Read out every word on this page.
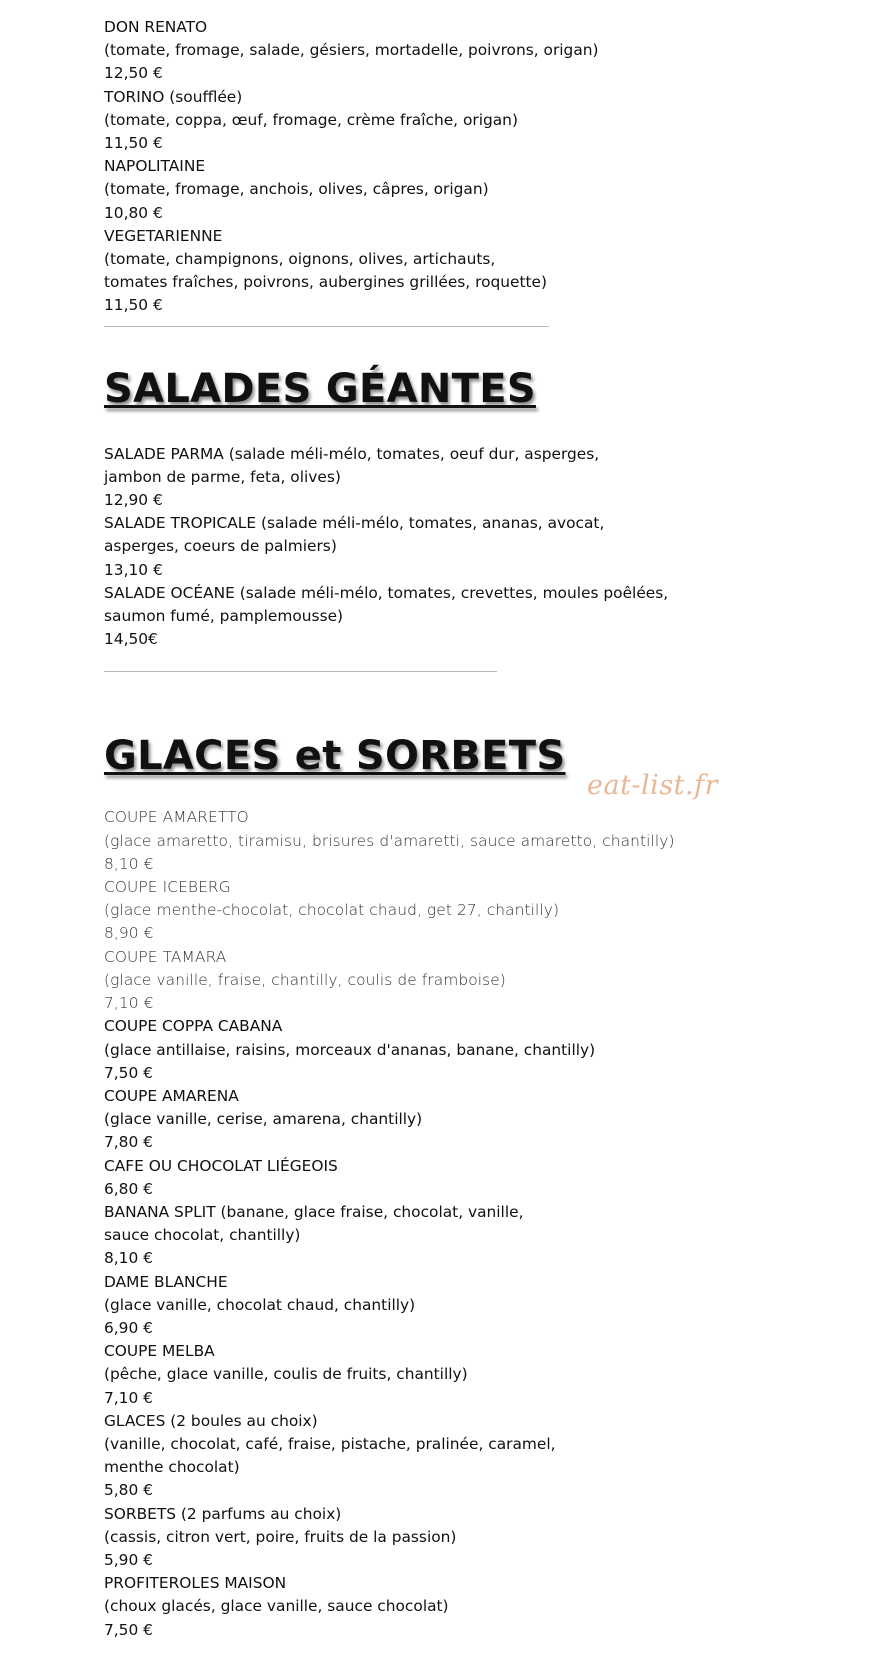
DON RENATO

(tomate, fromage, salade, gésiers, mortadelle, poivrons, origan)

12,50 €

TORINO (soufflée)

(tomate, coppa, œuf, fromage, crème fraîche, origan)

11,50 €

NAPOLITAINE

(tomate, fromage, anchois, olives, câpres, origan)

10,80 €

VEGETARIENNE

(tomate, champignons, oignons, olives, artichauts,

tomates fraîches, poivrons, aubergines grillées, roquette)

11,50 €

SALADES GÉANTES

SALADE PARMA (salade méli-mélo, tomates, oeuf dur, asperges,

jambon de parme, feta, olives)

12,90 €

SALADE TROPICALE (salade méli-mélo, tomates, ananas, avocat,

asperges, coeurs de palmiers)

13,10 €

SALADE OCÉANE (salade méli-mélo, tomates, crevettes, moules poêlées,

saumon fumé, pamplemousse)

14,50€

GLACES et SORBETS

COUPE AMARETTO

(glace amaretto, tiramisu, brisures d'amaretti, sauce amaretto, chantilly)

8,10 €

COUPE ICEBERG

(glace menthe-chocolat, chocolat chaud, get 27, chantilly)

8,90 €

COUPE TAMARA

(glace vanille, fraise, chantilly, coulis de framboise)

7,10 €

COUPE COPPA CABANA

(glace antillaise, raisins, morceaux d'ananas, banane, chantilly)

7,50 €

COUPE AMARENA

(glace vanille, cerise, amarena, chantilly)

7,80 €

CAFE OU CHOCOLAT LIÉGEOIS

6,80 €

BANANA SPLIT (banane, glace fraise, chocolat, vanille,

sauce chocolat, chantilly)

8,10 €

DAME BLANCHE

(glace vanille, chocolat chaud, chantilly)

6,90 €

COUPE MELBA

(pêche, glace vanille, coulis de fruits, chantilly)

7,10 €

GLACES (2 boules au choix)

(vanille, chocolat, café, fraise, pistache, pralinée, caramel,

menthe chocolat)

5,80 €

SORBETS (2 parfums au choix)

(cassis, citron vert, poire, fruits de la passion)

5,90 €

PROFITEROLES MAISON

(choux glacés, glace vanille, sauce chocolat)

7,50 €

eat-list.fr
